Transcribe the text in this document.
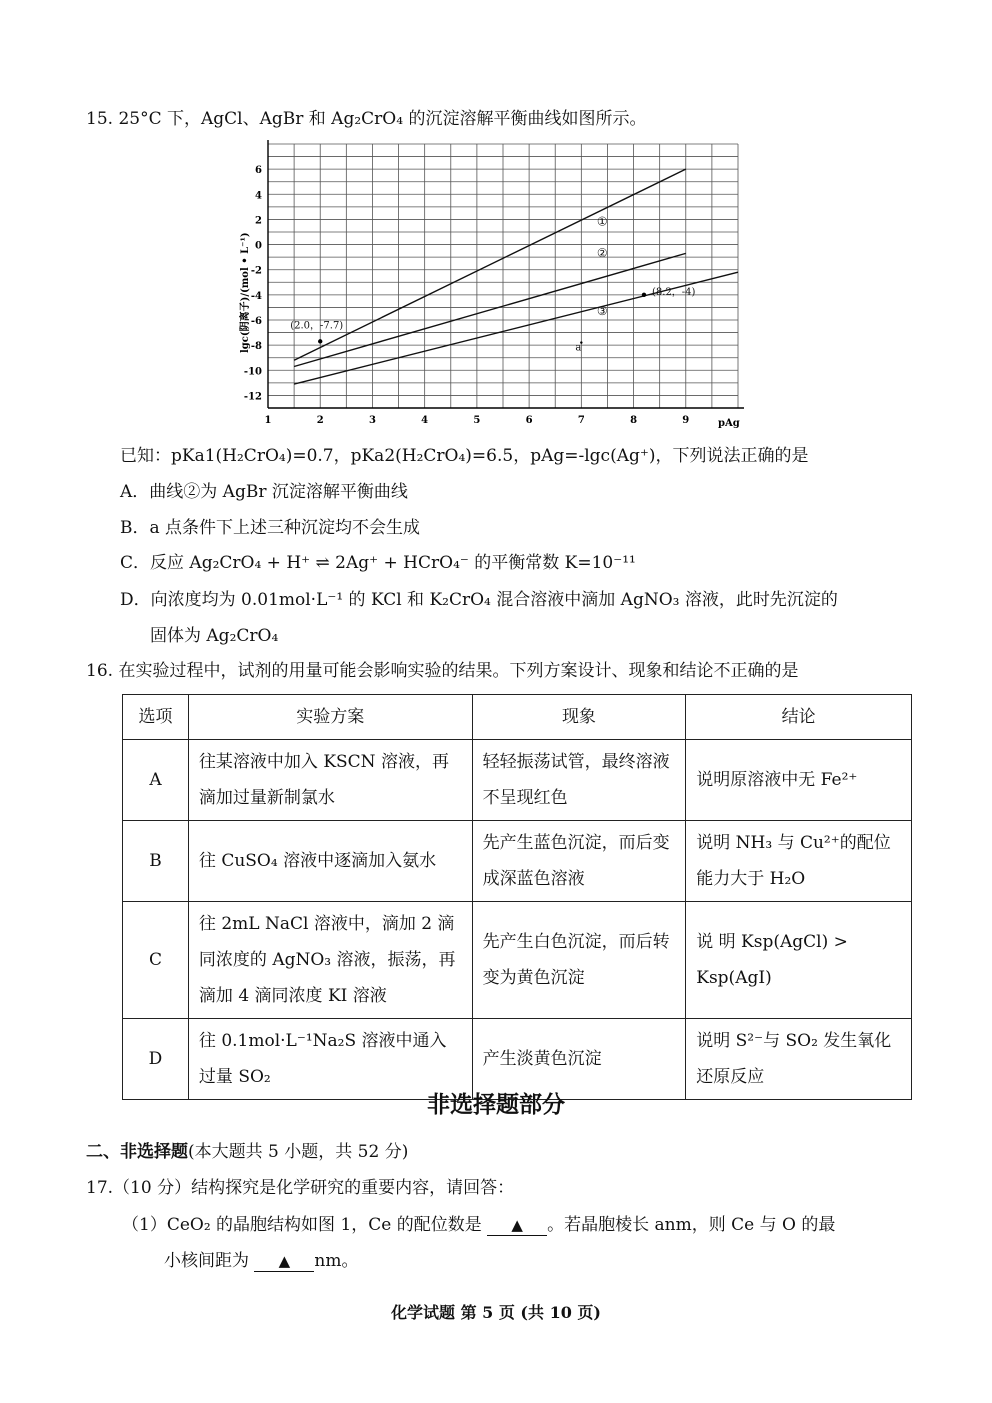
15. 25°C 下，AgCl、AgBr 和 Ag₂CrO₄ 的沉淀溶解平衡曲线如图所示。
1	2	3	4	5	6	7	8	9
6
4
2
0
-2
-4
-6
-8
-10
-12
①
②
③
(2.0，-7.7)
(8.2，-4)
a
lgc(阴离子)/(mol • L⁻¹)
pAg
已知：pKa1(H₂CrO₄)=0.7，pKa2(H₂CrO₄)=6.5，pAg=-lgc(Ag⁺)，下列说法正确的是
A．曲线②为 AgBr 沉淀溶解平衡曲线
B．a 点条件下上述三种沉淀均不会生成
C．反应 Ag₂CrO₄ + H⁺ ⇌ 2Ag⁺ + HCrO₄⁻ 的平衡常数 K=10⁻¹¹
D．向浓度均为 0.01mol·L⁻¹ 的 KCl 和 K₂CrO₄ 混合溶液中滴加 AgNO₃ 溶液，此时先沉淀的
固体为 Ag₂CrO₄
16. 在实验过程中，试剂的用量可能会影响实验的结果。下列方案设计、现象和结论不正确的是
选项	实验方案	现象	结论
A	往某溶液中加入 KSCN 溶液，再滴加过量新制氯水	轻轻振荡试管，最终溶液不呈现红色	说明原溶液中无 Fe²⁺
B	往 CuSO₄ 溶液中逐滴加入氨水	先产生蓝色沉淀，而后变成深蓝色溶液	说明 NH₃ 与 Cu²⁺的配位能力大于 H₂O
C	往 2mL NaCl 溶液中，滴加 2 滴同浓度的 AgNO₃ 溶液，振荡，再滴加 4 滴同浓度 KI 溶液	先产生白色沉淀，而后转变为黄色沉淀	说 明 Ksp(AgCl) > Ksp(AgI)
D	往 0.1mol·L⁻¹Na₂S 溶液中通入过量 SO₂	产生淡黄色沉淀	说明 S²⁻与 SO₂ 发生氧化还原反应
非选择题部分
二、非选择题(本大题共 5 小题，共 52 分)
17.（10 分）结构探究是化学研究的重要内容，请回答：
（1）CeO₂ 的晶胞结构如图 1，Ce 的配位数是 ▲ 。若晶胞棱长 anm，则 Ce 与 O 的最
小核间距为 ▲ nm。
化学试题 第 5 页 (共 10 页)
